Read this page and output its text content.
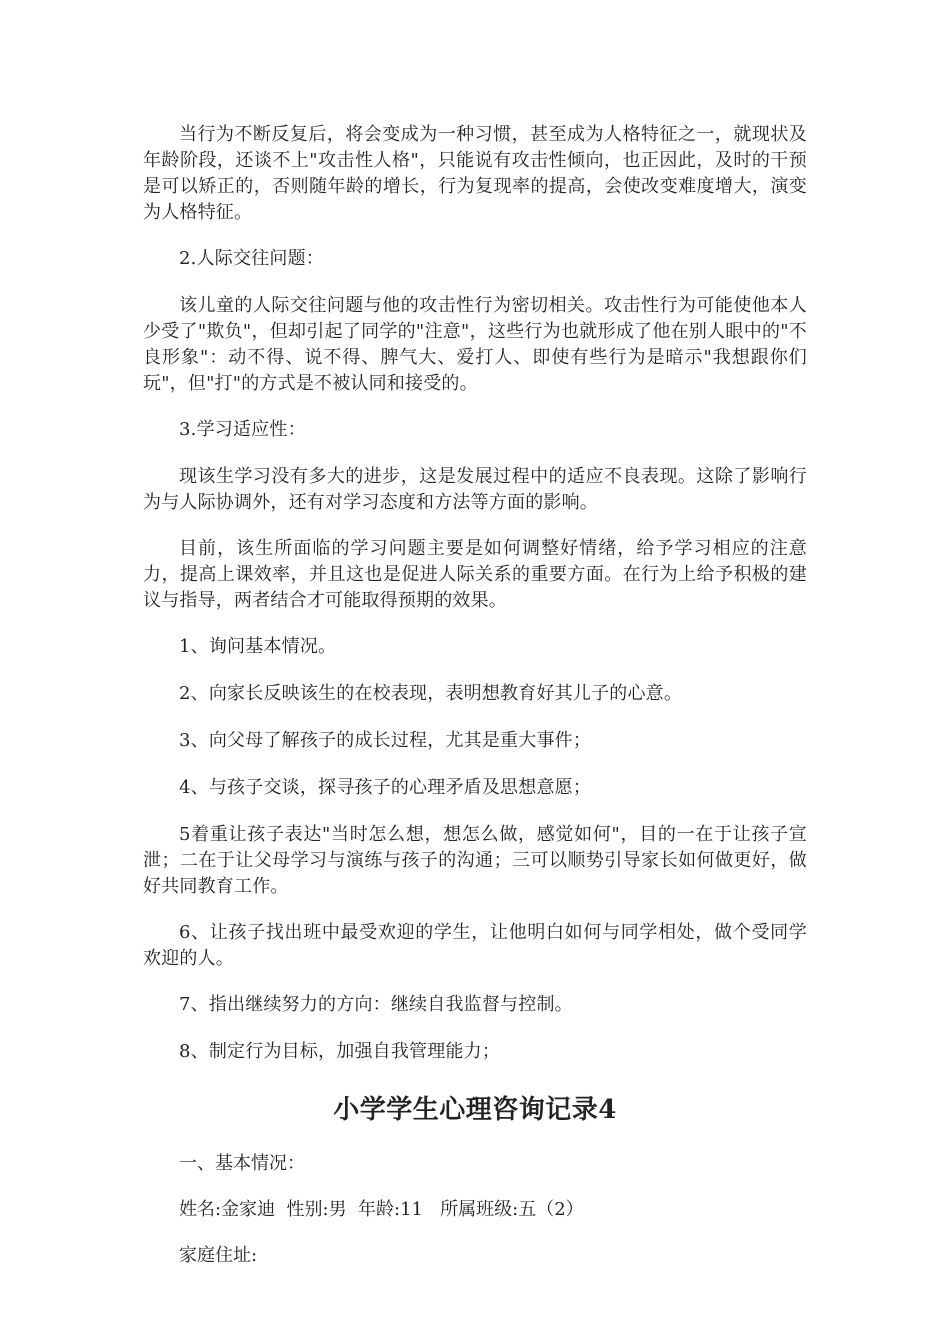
当行为不断反复后，将会变成为一种习惯，甚至成为人格特征之一，就现状及年龄阶段，还谈不上"攻击性人格"，只能说有攻击性倾向，也正因此，及时的干预是可以矫正的，否则随年龄的增长，行为复现率的提高，会使改变难度增大，演变为人格特征。

2.人际交往问题：

该儿童的人际交往问题与他的攻击性行为密切相关。攻击性行为可能使他本人少受了"欺负"，但却引起了同学的"注意"，这些行为也就形成了他在别人眼中的"不良形象"：动不得、说不得、脾气大、爱打人、即使有些行为是暗示"我想跟你们玩"，但"打"的方式是不被认同和接受的。

3.学习适应性：

现该生学习没有多大的进步，这是发展过程中的适应不良表现。这除了影响行为与人际协调外，还有对学习态度和方法等方面的影响。

目前，该生所面临的学习问题主要是如何调整好情绪，给予学习相应的注意力，提高上课效率，并且这也是促进人际关系的重要方面。在行为上给予积极的建议与指导，两者结合才可能取得预期的效果。

1、询问基本情况。

2、向家长反映该生的在校表现，表明想教育好其儿子的心意。

3、向父母了解孩子的成长过程，尤其是重大事件；

4、与孩子交谈，探寻孩子的心理矛盾及思想意愿；

5着重让孩子表达"当时怎么想，想怎么做，感觉如何"，目的一在于让孩子宣泄；二在于让父母学习与演练与孩子的沟通；三可以顺势引导家长如何做更好，做好共同教育工作。

6、让孩子找出班中最受欢迎的学生，让他明白如何与同学相处，做个受同学欢迎的人。

7、指出继续努力的方向：继续自我监督与控制。

8、制定行为目标，加强自我管理能力；

小学学生心理咨询记录4

一、基本情况：

姓名:金家迪  性别:男  年龄:11   所属班级:五（2）

家庭住址:
